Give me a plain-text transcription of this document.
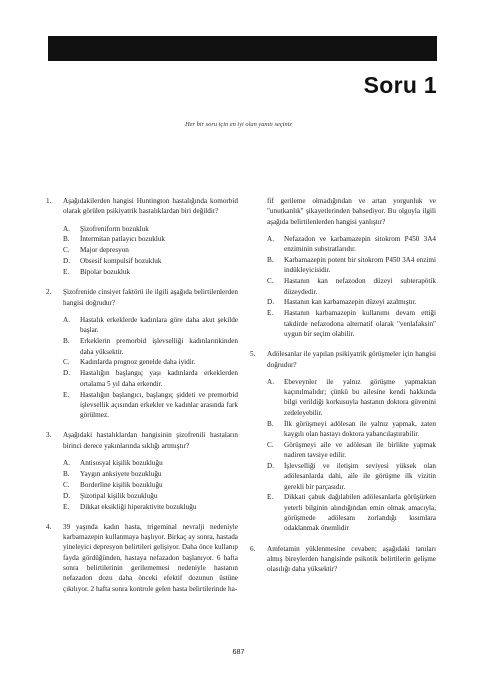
Soru 1
Her bir soru için en iyi olan yanıtı seçiniz
1. Aşağıdakilerden hangisi Huntington hastalığında komorbid olarak görülen psikiyatrik hastalıklardan biri değildir?
A. Şizofreniform bozukluk
B. İntermitan patlayıcı bozukluk
C. Major depresyon
D. Obsesif kompulsif bozukluk
E. Bipolar bozukluk
2. Şizofrenide cinsiyet faktörü ile ilgili aşağıda belirtilenlerden hangisi doğrudur?
A. Hastalık erkeklerde kadınlara göre daha akut şekilde başlar.
B. Erkeklerin premorbid işlevselliği kadınlarınkinden daha yüksektir.
C. Kadınlarda prognoz genelde daha iyidir.
D. Hastalığın başlangıç yaşı kadınlarda erkeklerden ortalama 5 yıl daha erkendir.
E. Hastalığın başlangıcı, başlangıç şiddeti ve premorbid işlevsellik açısından erkekler ve kadınlar arasında fark görülmez.
3. Aşağıdaki hastalıklardan hangisinin şizofrenili hastaların birinci derece yakınlarında sıklığı artmıştır?
A. Antisosyal kişilik bozukluğu
B. Yaygın anksiyete bozukluğu
C. Borderline kişilik bozukluğu
D. Şizotipal kişilik bozukluğu
E. Dikkat eksikliği hiperaktivite bozukluğu
4. 39 yaşında kadın hasta, trigeminal nevralji nedeniyle karbamazepin kullanmaya başlıyor. Birkaç ay sonra, hastada yineleyici depresyon belirtileri gelişiyor. Daha önce kullanıp fayda gördüğünden, hastaya nefazadon başlanıyor. 6 hafta sonra belirtilerinin gerilememesi nedeniyle hastanın nefazadon dozu daha önceki efektif dozunun üstüne çıkılıyor. 2 hafta sonra kontrole gelen hasta belirtilerinde ha-
fif gerileme olmadığından ve artan yorgunluk ve "unutkanlık" şikayetlerinden bahsediyor. Bu olguyla ilgili aşağıda belirtilenlerden hangisi yanlıştır?
A. Nefazadon ve karbamazepin sitokrom P450 3A4 enziminin substratlarıdır.
B. Karbamazepin potent bir sitokrom P450 3A4 enzimi indükleyicisidir.
C. Hastanın kan nefazodon düzeyi subterapötik düzeydedir.
D. Hastanın kan karbamazepin düzeyi azalmıştır.
E. Hastanın karbamazepin kullanımı devam ettiği takdirde nefazodona alternatif olarak "venlafaksin" uygun bir seçim olabilir.
5. Adölesanlar ile yapılan psikiyatrik görüşmeler için hangisi doğrudur?
A. Ebeveynler ile yalnız görüşme yapmaktan kaçınılmalıdır; çünkü bu ailesine kendi hakkında bilgi verildiği korkusuyla hastanın doktora güvenini zedeleyebilir.
B. İlk görüşmeyi adölesan ile yalnız yapmak, zaten kaygılı olan hastayı doktora yabancılaştırabilir.
C. Görüşmeyi aile ve adölesan ile birlikte yapmak nadiren tavsiye edilir.
D. İşlevselliği ve iletişim seviyesi yüksek olan adölesanlarda dahi, aile ile görüşme ilk vizitin gerekli bir parçasıdır.
E. Dikkati çabuk dağılabilen adölesanlarla görüşürken yeterli bilginin alındığından emin olmak amacıyla, görüşmede adölesanı zorlandığı kısımlara odaklanmak önemlidir
6. Amfetamin yüklenmesine cevaben; aşağıdaki tanıları almış bireylerden hangisinde psikotik belirtilerin gelişme olasılığı daha yüksektir?
687
